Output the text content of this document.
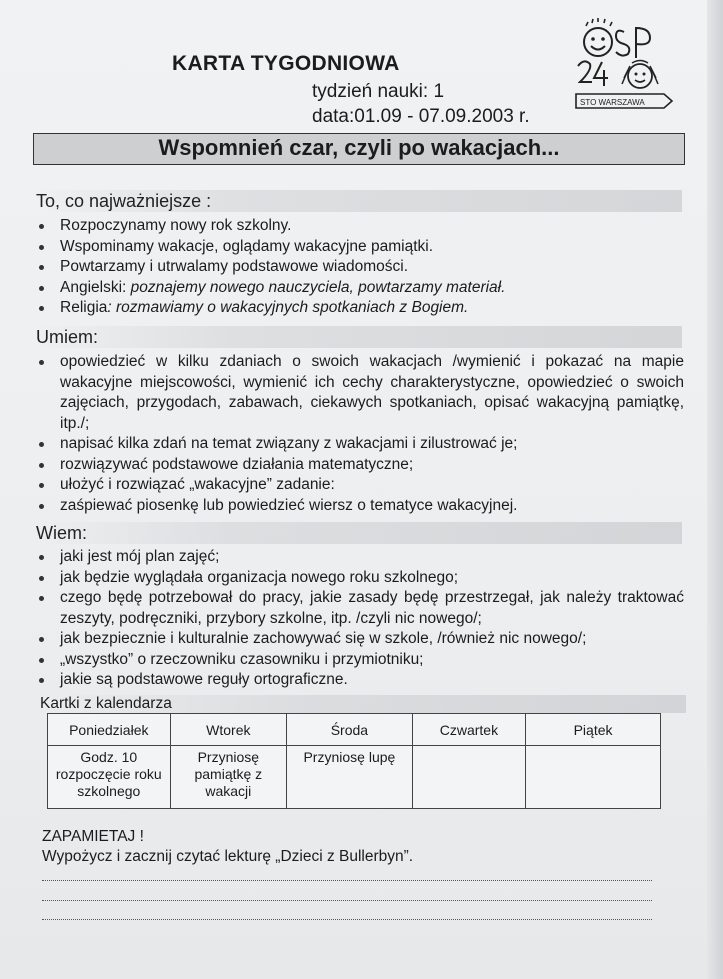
KARTA TYGODNIOWA
tydzień nauki: 1
data:01.09 - 07.09.2003 r.
STO WARSZAWA
Wspomnień czar, czyli po wakacjach...
To, co najważniejsze :
Rozpoczynamy nowy rok szkolny.
Wspominamy wakacje, oglądamy wakacyjne pamiątki.
Powtarzamy i utrwalamy podstawowe wiadomości.
Angielski: poznajemy nowego nauczyciela, powtarzamy materiał.
Religia: rozmawiamy o wakacyjnych spotkaniach z Bogiem.
Umiem:
opowiedzieć w kilku zdaniach o swoich wakacjach /wymienić i pokazać na mapie wakacyjne miejscowości, wymienić ich cechy charakterystyczne, opowiedzieć o swoich zajęciach, przygodach, zabawach, ciekawych spotkaniach, opisać wakacyjną pamiątkę, itp./;
napisać kilka zdań na temat związany z wakacjami i zilustrować je;
rozwiązywać podstawowe działania matematyczne;
ułożyć i rozwiązać „wakacyjne” zadanie:
zaśpiewać piosenkę lub powiedzieć wiersz o tematyce wakacyjnej.
Wiem:
jaki jest mój plan zajęć;
jak będzie wyglądała organizacja nowego roku szkolnego;
czego będę potrzebował do pracy, jakie zasady będę przestrzegał, jak należy traktować zeszyty, podręczniki, przybory szkolne, itp. /czyli nic nowego/;
jak bezpiecznie i kulturalnie zachowywać się w szkole, /również nic nowego/;
„wszystko” o rzeczowniku czasowniku i przymiotniku;
jakie są podstawowe reguły ortograficzne.
Kartki z kalendarza
Poniedziałek	Wtorek	Środa	Czwartek	Piątek
Godz. 10 rozpoczęcie roku szkolnego	Przyniosę pamiątkę z wakacji	Przyniosę lupę		
ZAPAMIETAJ !
Wypożycz i zacznij czytać lekturę „Dzieci z Bullerbyn”.
